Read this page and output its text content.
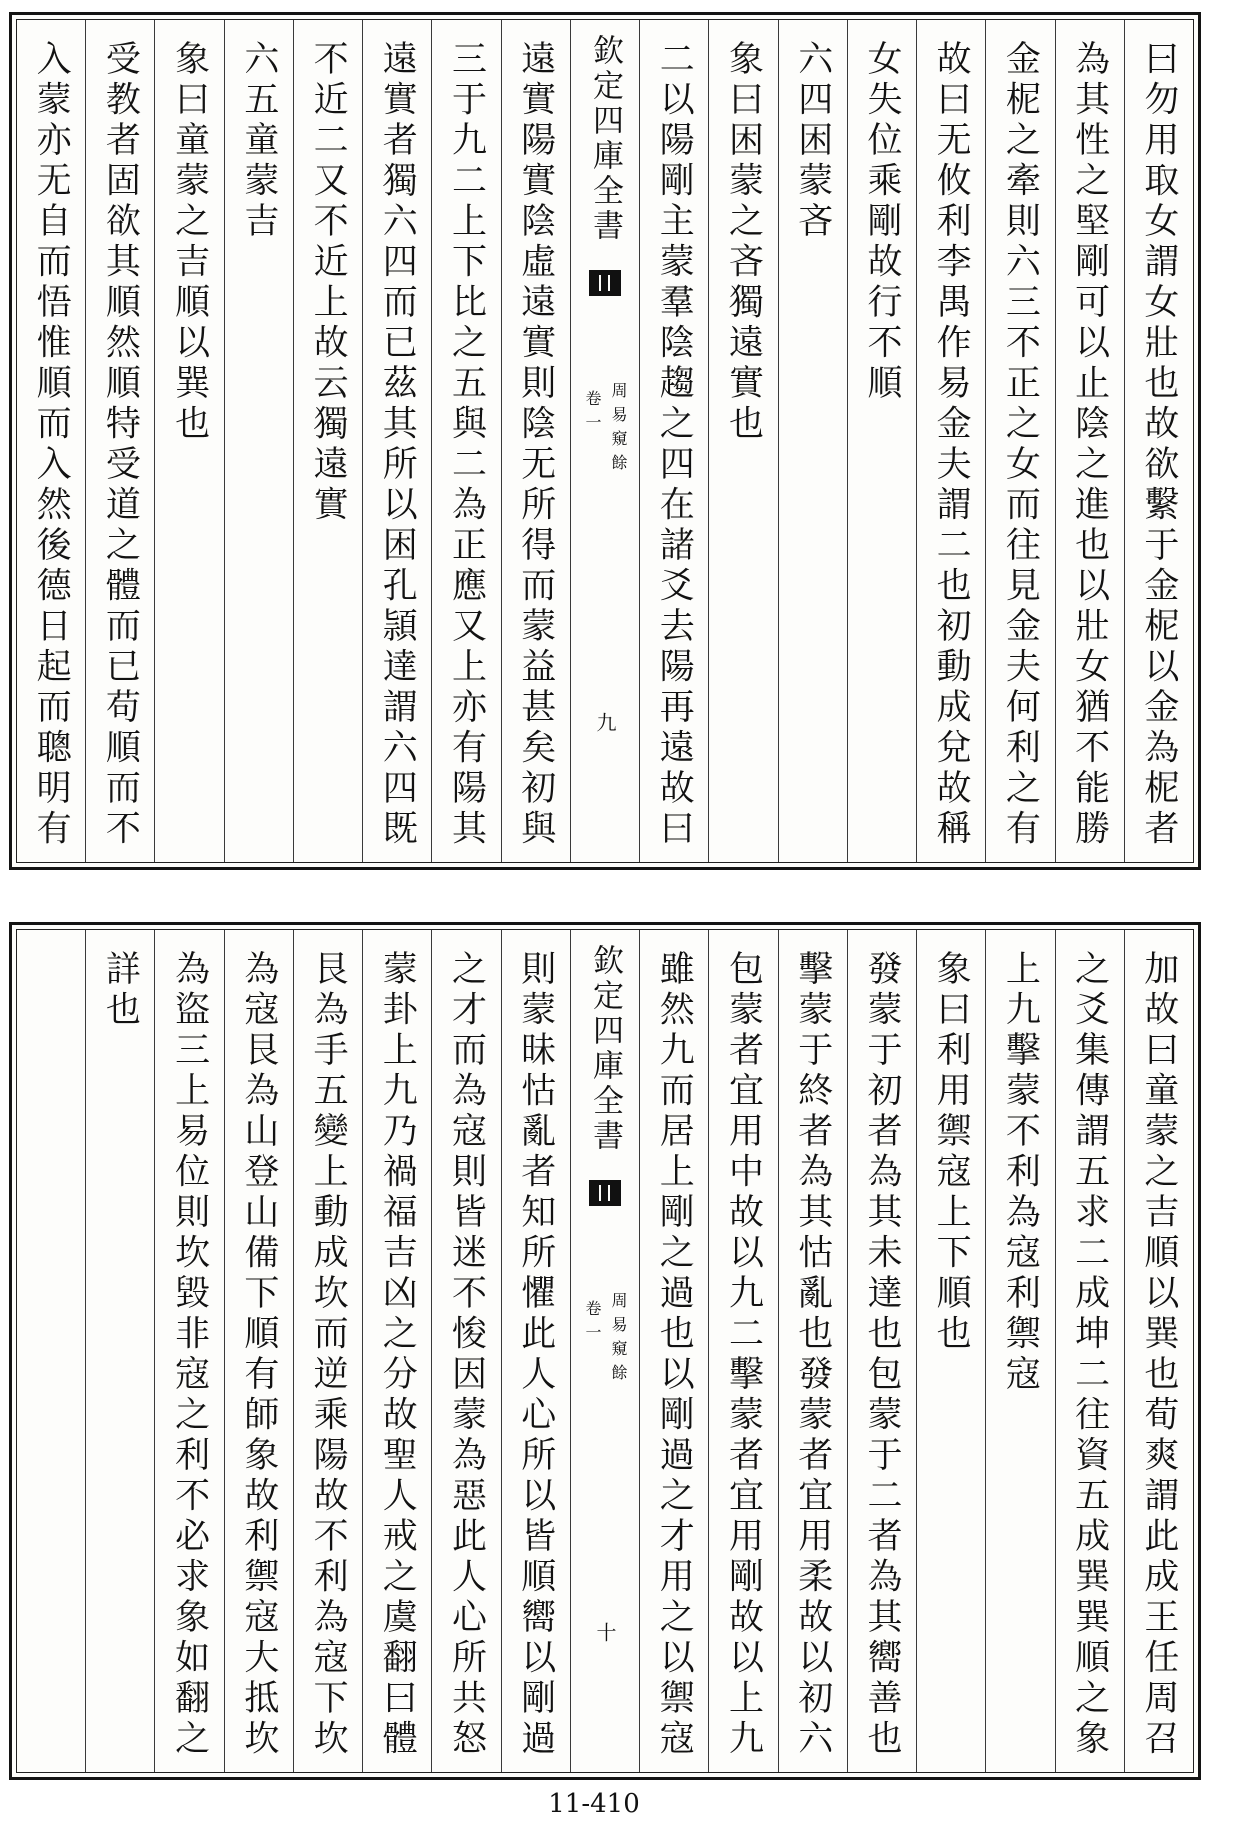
曰勿用取女謂女壯也故欲繫于金柅以金為柅者
為其性之堅剛可以止陰之進也以壯女猶不能勝
金柅之牽則六三不正之女而往見金夫何利之有
故曰无攸利李禺作易金夫謂二也初動成兌故稱
女失位乘剛故行不順
六四困蒙吝
象曰困蒙之吝獨遠實也
二以陽剛主蒙羣陰趨之四在諸爻去陽再遠故曰
欽定四庫全書
周易窺餘
卷一
九
遠實陽實陰虛遠實則陰无所得而蒙益甚矣初與
三于九二上下比之五與二為正應又上亦有陽其
遠實者獨六四而已茲其所以困孔頴達謂六四既
不近二又不近上故云獨遠實
六五童蒙吉
象曰童蒙之吉順以巽也
受教者固欲其順然順特受道之體而已苟順而不
入蒙亦无自而悟惟順而入然後德日起而聰明有
加故曰童蒙之吉順以巽也荀爽謂此成王任周召
之爻集傳謂五求二成坤二往資五成巽巽順之象
上九擊蒙不利為寇利禦寇
象曰利用禦寇上下順也
發蒙于初者為其未達也包蒙于二者為其嚮善也
擊蒙于終者為其怙亂也發蒙者宜用柔故以初六
包蒙者宜用中故以九二擊蒙者宜用剛故以上九
雖然九而居上剛之過也以剛過之才用之以禦寇
欽定四庫全書
周易窺餘
卷一
十
則蒙昧怙亂者知所懼此人心所以皆順嚮以剛過
之才而為寇則皆迷不悛因蒙為惡此人心所共怒
蒙卦上九乃禍福吉凶之分故聖人戒之虞翻曰體
艮為手五變上動成坎而逆乘陽故不利為寇下坎
為寇艮為山登山備下順有師象故利禦寇大抵坎
為盜三上易位則坎毀非寇之利不必求象如翻之
詳也
11-410
